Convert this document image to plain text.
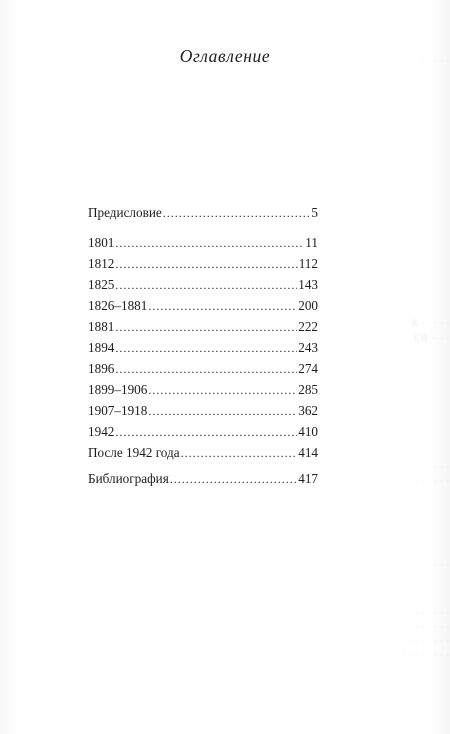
· · · · ·
К · · · · ·
СП ·· · ·
· · · · ·
· · · · · ·
· · · ·
· · · · · · ·
· · · · · · · ·
· · · · · · ·
· · · · · · · ·
Оглавление
Предисловие .....	5
1801 .....	11
1812 .....	112
1825 .....	143
1826–1881 .....	200
1881 .....	222
1894 .....	243
1896 .....	274
1899–1906 .....	285
1907–1918 .....	362
1942 .....	410
После 1942 года .....	414
Библиография .....	417
